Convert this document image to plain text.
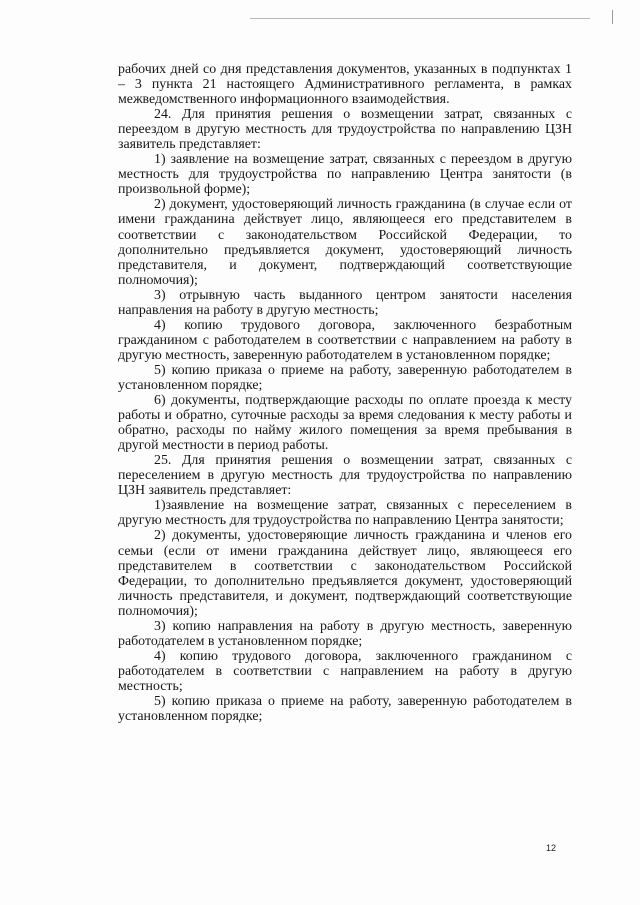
рабочих дней со дня представления документов, указанных в подпунктах 1 – 3 пункта 21 настоящего Административного регламента, в рамках межведомственного информационного взаимодействия.

24. Для принятия решения о возмещении затрат, связанных с переездом в другую местность для трудоустройства по направлению ЦЗН заявитель представляет:

1) заявление на возмещение затрат, связанных с переездом в другую местность для трудоустройства по направлению Центра занятости (в произвольной форме);

2) документ, удостоверяющий личность гражданина (в случае если от имени гражданина действует лицо, являющееся его представителем в соответствии с законодательством Российской Федерации, то дополнительно предъявляется документ, удостоверяющий личность представителя, и документ, подтверждающий соответствующие полномочия);

3) отрывную часть выданного центром занятости населения направления на работу в другую местность;

4) копию трудового договора, заключенного безработным гражданином с работодателем в соответствии с направлением на работу в другую местность, заверенную работодателем в установленном порядке;

5) копию приказа о приеме на работу, заверенную работодателем в установленном порядке;

6) документы, подтверждающие расходы по оплате проезда к месту работы и обратно, суточные расходы за время следования к месту работы и обратно, расходы по найму жилого помещения за время пребывания в другой местности в период работы.

25. Для принятия решения о возмещении затрат, связанных с переселением в другую местность для трудоустройства по направлению ЦЗН заявитель представляет:

1)заявление на возмещение затрат, связанных с переселением в другую местность для трудоустройства по направлению Центра занятости;

2) документы, удостоверяющие личность гражданина и членов его семьи (если от имени гражданина действует лицо, являющееся его представителем в соответствии с законодательством Российской Федерации, то дополнительно предъявляется документ, удостоверяющий личность представителя, и документ, подтверждающий соответствующие полномочия);

3) копию направления на работу в другую местность, заверенную работодателем в установленном порядке;

4) копию трудового договора, заключенного гражданином с работодателем в соответствии с направлением на работу в другую местность;

5) копию приказа о приеме на работу, заверенную работодателем в установленном порядке;

12
